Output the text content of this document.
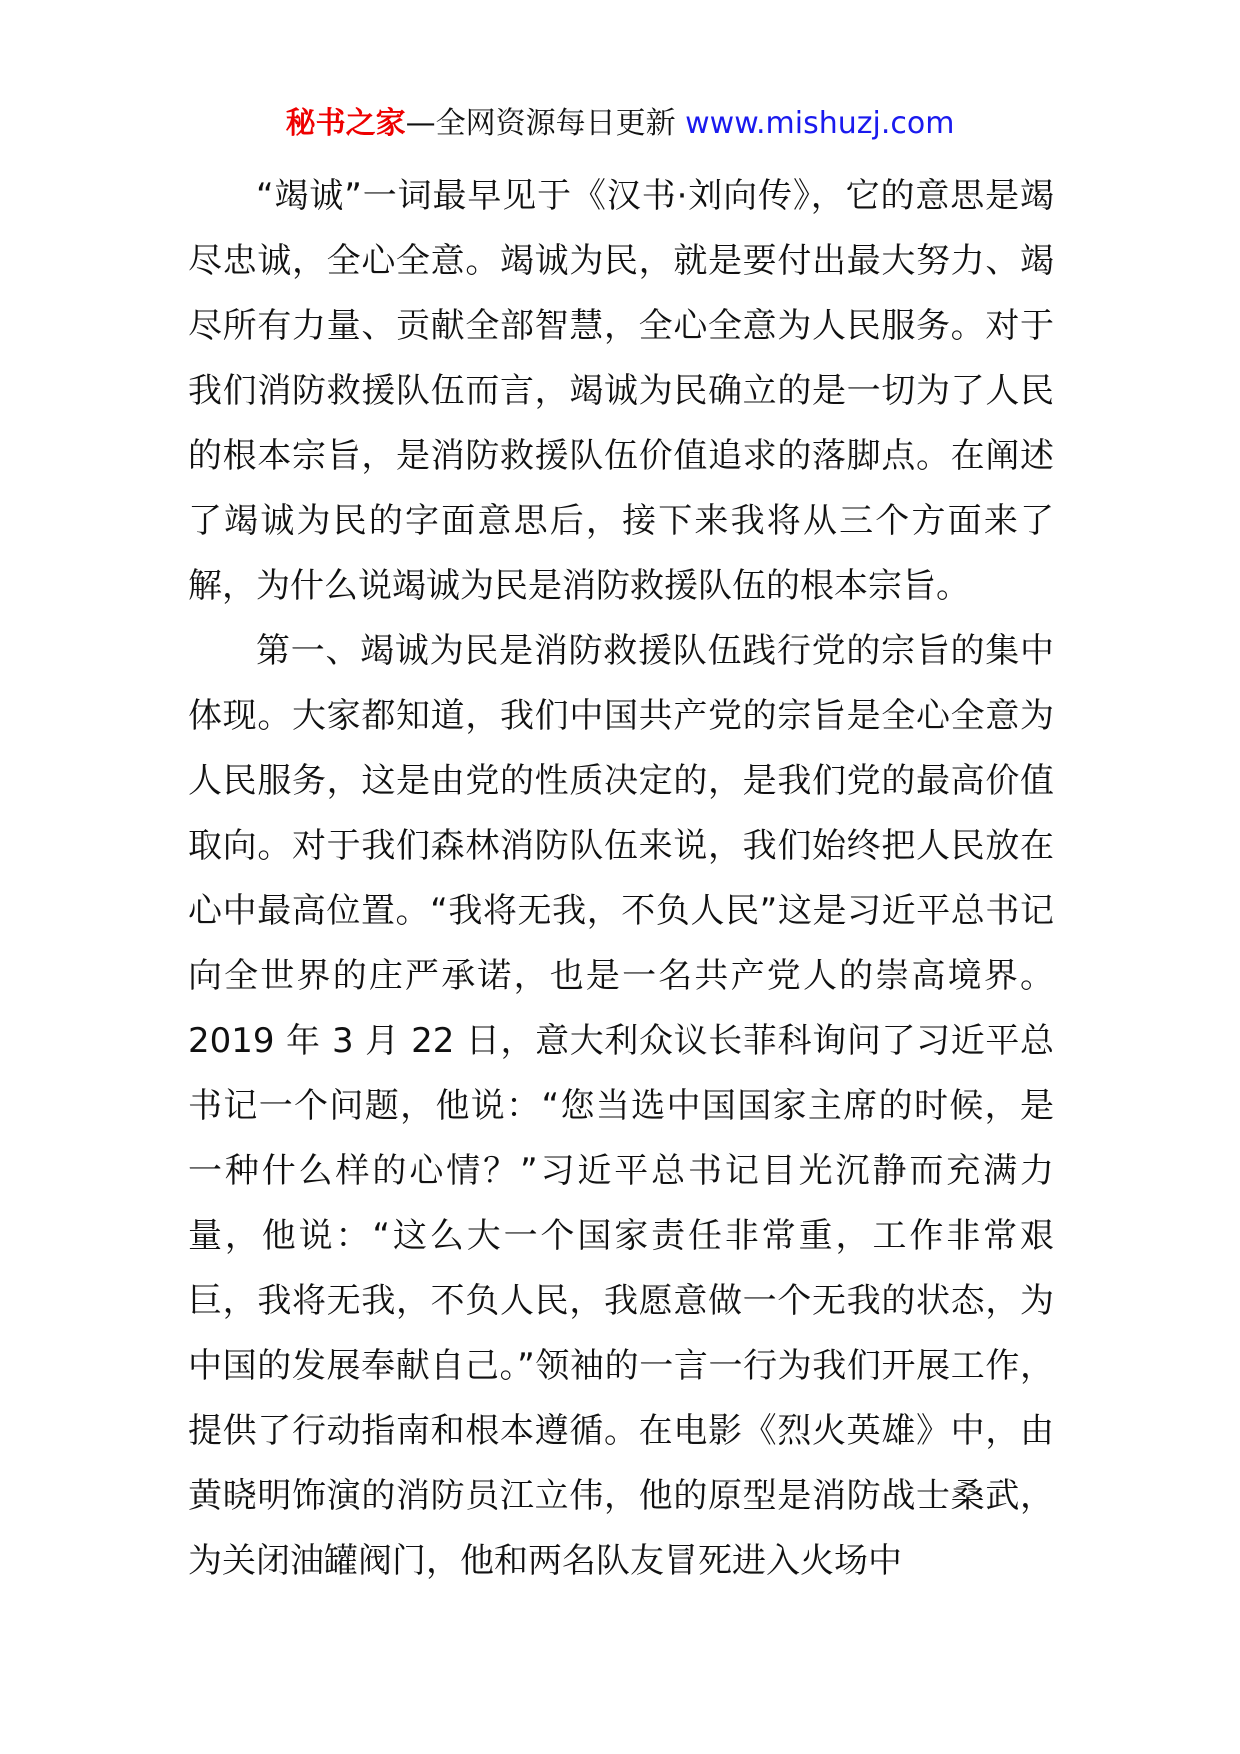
秘书之家—全网资源每日更新 www.mishuzj.com

“竭诚”一词最早见于《汉书·刘向传》，它的意思是竭尽忠诚，全心全意。竭诚为民，就是要付出最大努力、竭尽所有力量、贡献全部智慧，全心全意为人民服务。对于我们消防救援队伍而言，竭诚为民确立的是一切为了人民的根本宗旨，是消防救援队伍价值追求的落脚点。在阐述了竭诚为民的字面意思后，接下来我将从三个方面来了解，为什么说竭诚为民是消防救援队伍的根本宗旨。

第一、竭诚为民是消防救援队伍践行党的宗旨的集中体现。大家都知道，我们中国共产党的宗旨是全心全意为人民服务，这是由党的性质决定的，是我们党的最高价值取向。对于我们森林消防队伍来说，我们始终把人民放在心中最高位置。“我将无我，不负人民”这是习近平总书记向全世界的庄严承诺，也是一名共产党人的崇高境界。2019 年 3 月 22 日，意大利众议长菲科询问了习近平总书记一个问题，他说：“您当选中国国家主席的时候，是一种什么样的心情？”习近平总书记目光沉静而充满力量，他说：“这么大一个国家责任非常重，工作非常艰巨，我将无我，不负人民，我愿意做一个无我的状态，为中国的发展奉献自己。”领袖的一言一行为我们开展工作，提供了行动指南和根本遵循。在电影《烈火英雄》中，由黄晓明饰演的消防员江立伟，他的原型是消防战士桑武，为关闭油罐阀门，他和两名队友冒死进入火场中
